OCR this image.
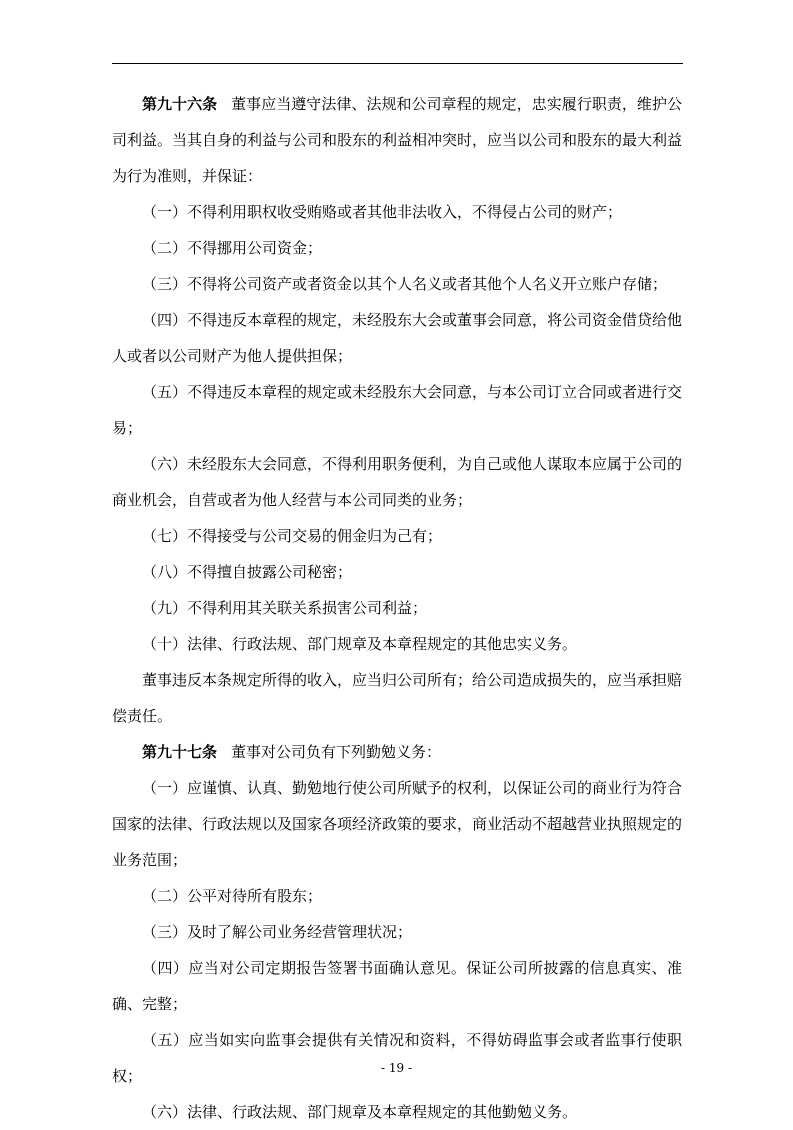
第九十六条 董事应当遵守法律、法规和公司章程的规定，忠实履行职责，维护公司利益。当其自身的利益与公司和股东的利益相冲突时，应当以公司和股东的最大利益为行为准则，并保证：

（一）不得利用职权收受贿赂或者其他非法收入，不得侵占公司的财产；

（二）不得挪用公司资金；

（三）不得将公司资产或者资金以其个人名义或者其他个人名义开立账户存储；

（四）不得违反本章程的规定，未经股东大会或董事会同意，将公司资金借贷给他人或者以公司财产为他人提供担保；

（五）不得违反本章程的规定或未经股东大会同意，与本公司订立合同或者进行交易；

（六）未经股东大会同意，不得利用职务便利，为自己或他人谋取本应属于公司的商业机会，自营或者为他人经营与本公司同类的业务；

（七）不得接受与公司交易的佣金归为己有；

（八）不得擅自披露公司秘密；

（九）不得利用其关联关系损害公司利益；

（十）法律、行政法规、部门规章及本章程规定的其他忠实义务。

董事违反本条规定所得的收入，应当归公司所有；给公司造成损失的，应当承担赔偿责任。

第九十七条 董事对公司负有下列勤勉义务：

（一）应谨慎、认真、勤勉地行使公司所赋予的权利，以保证公司的商业行为符合国家的法律、行政法规以及国家各项经济政策的要求，商业活动不超越营业执照规定的业务范围；

（二）公平对待所有股东；

（三）及时了解公司业务经营管理状况；

（四）应当对公司定期报告签署书面确认意见。保证公司所披露的信息真实、准确、完整；

（五）应当如实向监事会提供有关情况和资料，不得妨碍监事会或者监事行使职权；

（六）法律、行政法规、部门规章及本章程规定的其他勤勉义务。

- 19 -
